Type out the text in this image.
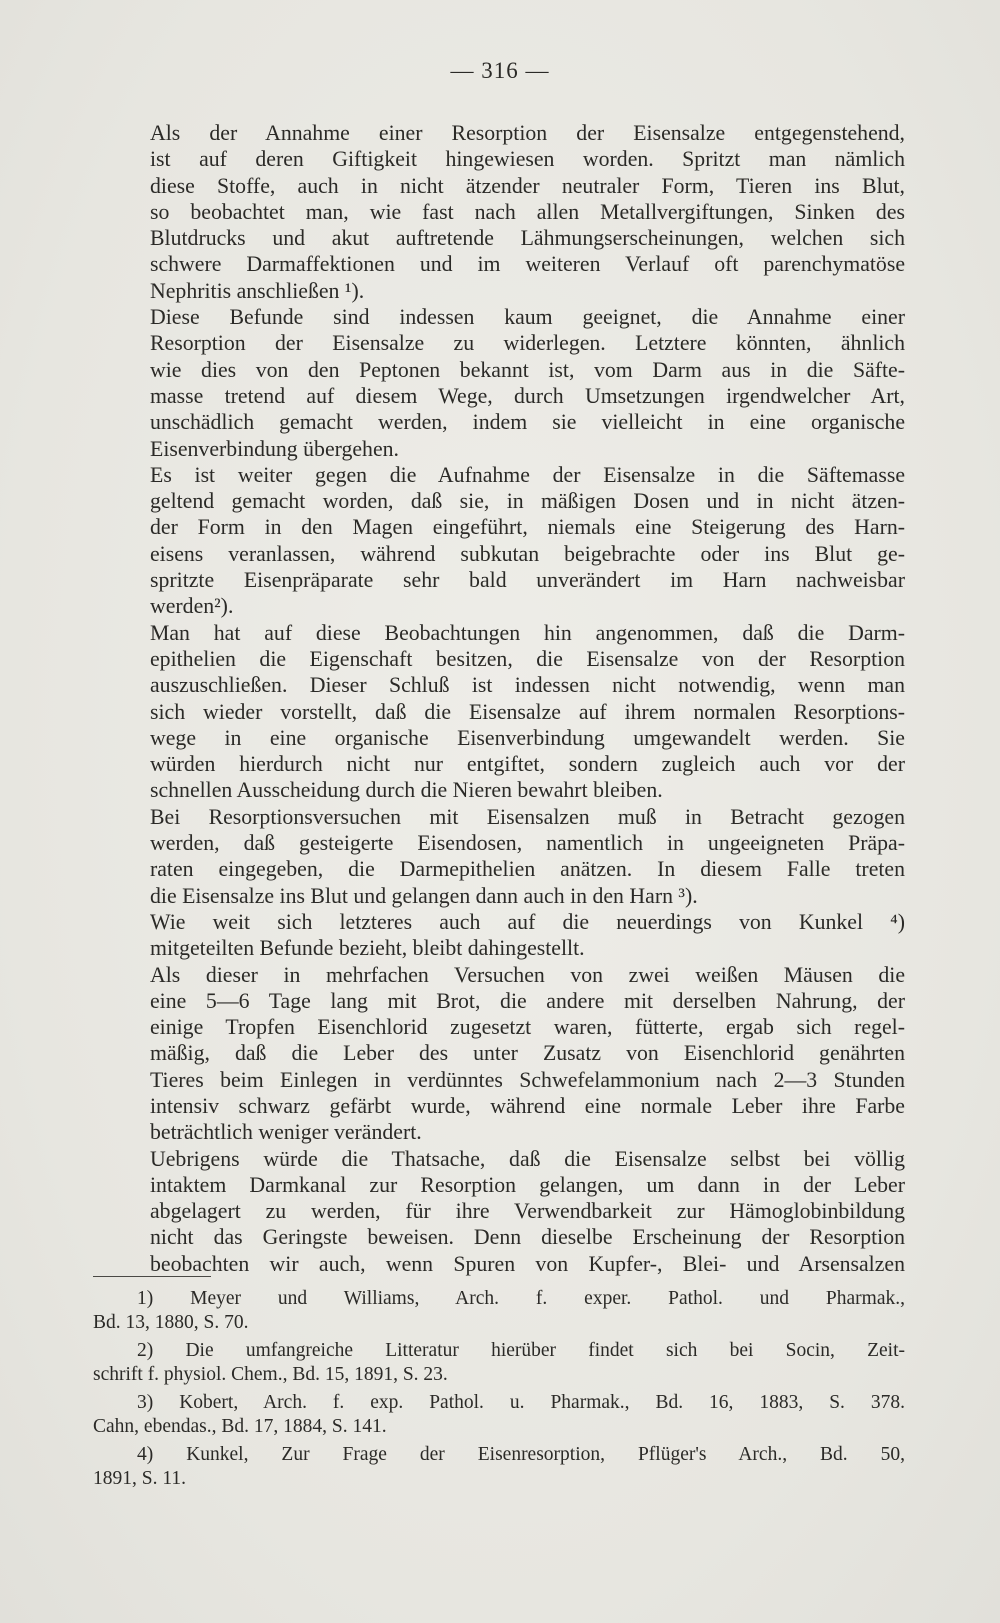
— 316 —

Als der Annahme einer Resorption der Eisensalze entgegenstehend,
ist auf deren Giftigkeit hingewiesen worden. Spritzt man nämlich
diese Stoffe, auch in nicht ätzender neutraler Form, Tieren ins Blut,
so beobachtet man, wie fast nach allen Metallvergiftungen, Sinken des
Blutdrucks und akut auftretende Lähmungserscheinungen, welchen sich
schwere Darmaffektionen und im weiteren Verlauf oft parenchymatöse
Nephritis anschließen ¹).

Diese Befunde sind indessen kaum geeignet, die Annahme einer
Resorption der Eisensalze zu widerlegen. Letztere könnten, ähnlich
wie dies von den Peptonen bekannt ist, vom Darm aus in die Säfte-
masse tretend auf diesem Wege, durch Umsetzungen irgendwelcher Art,
unschädlich gemacht werden, indem sie vielleicht in eine organische
Eisenverbindung übergehen.

Es ist weiter gegen die Aufnahme der Eisensalze in die Säftemasse
geltend gemacht worden, daß sie, in mäßigen Dosen und in nicht ätzen-
der Form in den Magen eingeführt, niemals eine Steigerung des Harn-
eisens veranlassen, während subkutan beigebrachte oder ins Blut ge-
spritzte Eisenpräparate sehr bald unverändert im Harn nachweisbar
werden²).

Man hat auf diese Beobachtungen hin angenommen, daß die Darm-
epithelien die Eigenschaft besitzen, die Eisensalze von der Resorption
auszuschließen. Dieser Schluß ist indessen nicht notwendig, wenn man
sich wieder vorstellt, daß die Eisensalze auf ihrem normalen Resorptions-
wege in eine organische Eisenverbindung umgewandelt werden. Sie
würden hierdurch nicht nur entgiftet, sondern zugleich auch vor der
schnellen Ausscheidung durch die Nieren bewahrt bleiben.

Bei Resorptionsversuchen mit Eisensalzen muß in Betracht gezogen
werden, daß gesteigerte Eisendosen, namentlich in ungeeigneten Präpa-
raten eingegeben, die Darmepithelien anätzen. In diesem Falle treten
die Eisensalze ins Blut und gelangen dann auch in den Harn ³).

Wie weit sich letzteres auch auf die neuerdings von Kunkel ⁴)
mitgeteilten Befunde bezieht, bleibt dahingestellt.

Als dieser in mehrfachen Versuchen von zwei weißen Mäusen die
eine 5—6 Tage lang mit Brot, die andere mit derselben Nahrung, der
einige Tropfen Eisenchlorid zugesetzt waren, fütterte, ergab sich regel-
mäßig, daß die Leber des unter Zusatz von Eisenchlorid genährten
Tieres beim Einlegen in verdünntes Schwefelammonium nach 2—3 Stunden
intensiv schwarz gefärbt wurde, während eine normale Leber ihre Farbe
beträchtlich weniger verändert.

Uebrigens würde die Thatsache, daß die Eisensalze selbst bei völlig
intaktem Darmkanal zur Resorption gelangen, um dann in der Leber
abgelagert zu werden, für ihre Verwendbarkeit zur Hämoglobinbildung
nicht das Geringste beweisen. Denn dieselbe Erscheinung der Resorption
beobachten wir auch, wenn Spuren von Kupfer-, Blei- und Arsensalzen

1) Meyer und Williams, Arch. f. exper. Pathol. und Pharmak.,
Bd. 13, 1880, S. 70.

2) Die umfangreiche Litteratur hierüber findet sich bei Socin, Zeit-
schrift f. physiol. Chem., Bd. 15, 1891, S. 23.

3) Kobert, Arch. f. exp. Pathol. u. Pharmak., Bd. 16, 1883, S. 378.
Cahn, ebendas., Bd. 17, 1884, S. 141.

4) Kunkel, Zur Frage der Eisenresorption, Pflüger's Arch., Bd. 50,
1891, S. 11.
